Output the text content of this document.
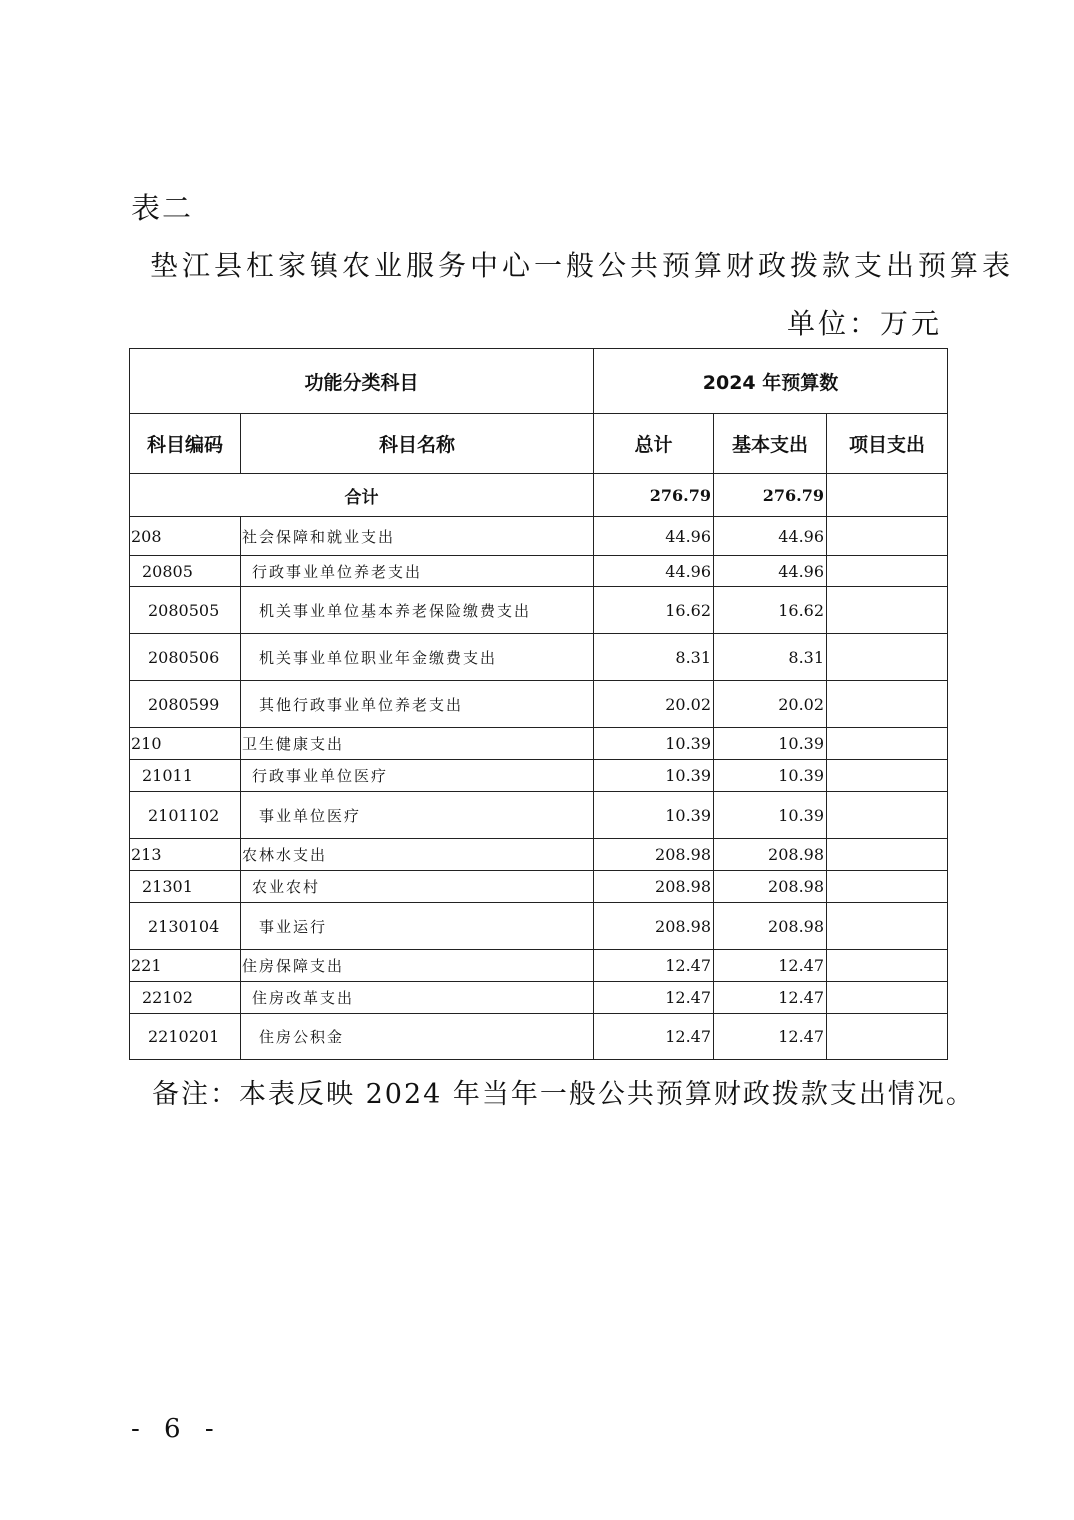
表二
垫江县杠家镇农业服务中心一般公共预算财政拨款支出预算表
单位：万元
功能分类科目		2024 年预算数		
科目编码	科目名称	总计	基本支出	项目支出
合计		276.79	276.79	
208	社会保障和就业支出	44.96	44.96	
20805	行政事业单位养老支出	44.96	44.96	
2080505	机关事业单位基本养老保险缴费支出	16.62	16.62	
2080506	机关事业单位职业年金缴费支出	8.31	8.31	
2080599	其他行政事业单位养老支出	20.02	20.02	
210	卫生健康支出	10.39	10.39	
21011	行政事业单位医疗	10.39	10.39	
2101102	事业单位医疗	10.39	10.39	
213	农林水支出	208.98	208.98	
21301	农业农村	208.98	208.98	
2130104	事业运行	208.98	208.98	
221	住房保障支出	12.47	12.47	
22102	住房改革支出	12.47	12.47	
2210201	住房公积金	12.47	12.47	
备注：本表反映 2024 年当年一般公共预算财政拨款支出情况。
- 6 -
